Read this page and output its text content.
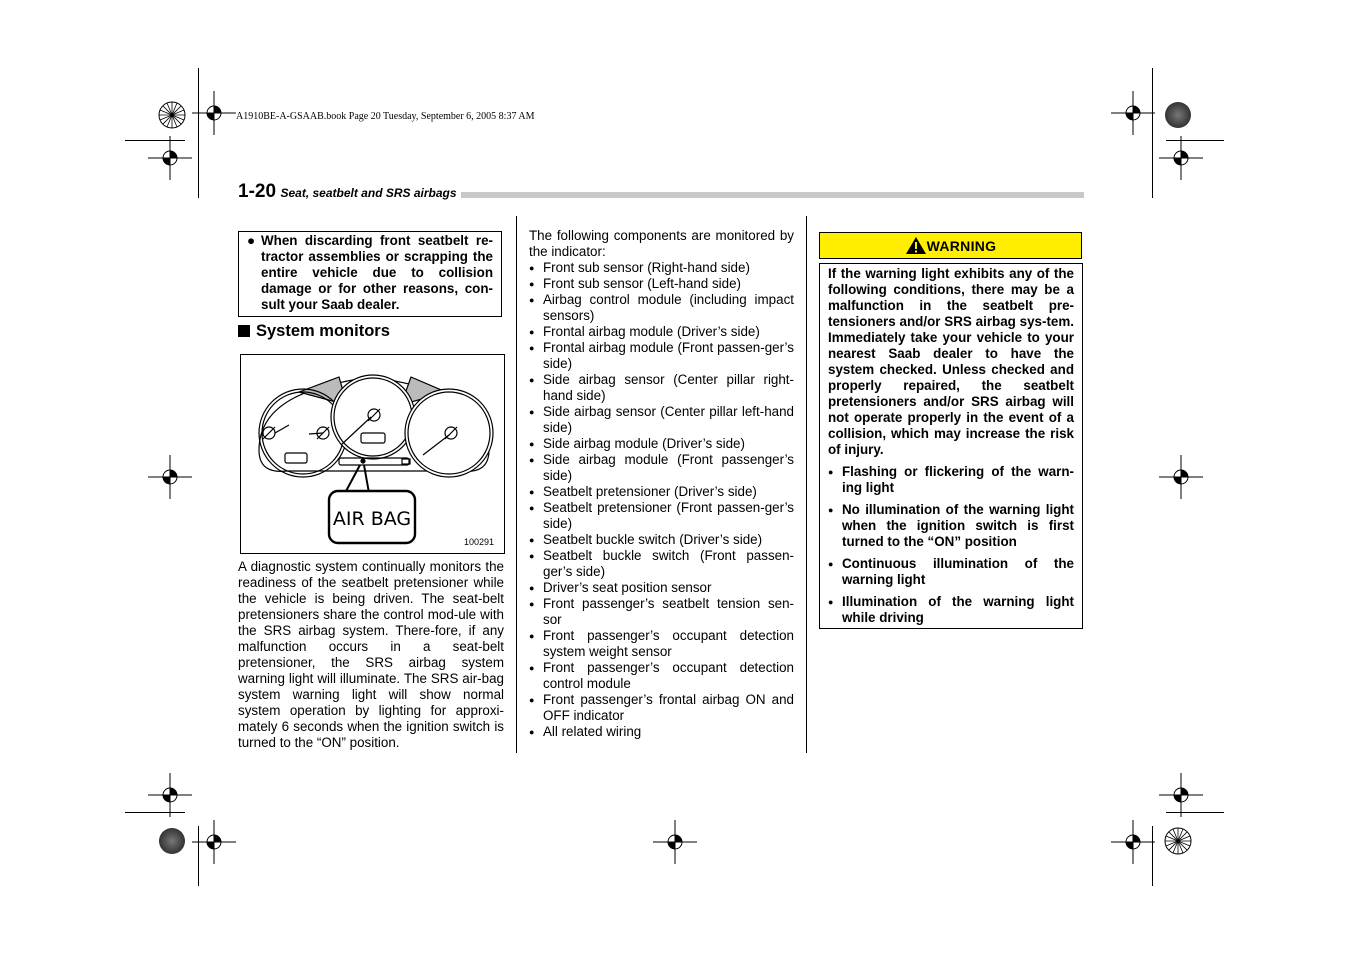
A1910BE-A-GSAAB.book Page 20 Tuesday, September 6, 2005 8:37 AM
1-20 Seat, seatbelt and SRS airbags
● When discarding front seatbelt re-tractor assemblies or scrapping the entire vehicle due to collision damage or for other reasons, con-sult your Saab dealer.
System monitors
AIR BAG
100291
A diagnostic system continually monitors the readiness of the seatbelt pretensioner while the vehicle is being driven. The seat-belt pretensioners share the control mod-ule with the SRS airbag system. There-fore, if any malfunction occurs in a seat-belt pretensioner, the SRS airbag system warning light will illuminate. The SRS air-bag system warning light will show normal system operation by lighting for approxi-mately 6 seconds when the ignition switch is turned to the “ON” position.
The following components are monitored by the indicator:
● Front sub sensor (Right-hand side)
● Front sub sensor (Left-hand side)
● Airbag control module (including impact sensors)
● Frontal airbag module (Driver’s side)
● Frontal airbag module (Front passen-ger’s side)
● Side airbag sensor (Center pillar right-hand side)
● Side airbag sensor (Center pillar left-hand side)
● Side airbag module (Driver’s side)
● Side airbag module (Front passenger’s side)
● Seatbelt pretensioner (Driver’s side)
● Seatbelt pretensioner (Front passen-ger’s side)
● Seatbelt buckle switch (Driver’s side)
● Seatbelt buckle switch (Front passen-ger’s side)
● Driver’s seat position sensor
● Front passenger’s seatbelt tension sen-sor
● Front passenger’s occupant detection system weight sensor
● Front passenger’s occupant detection control module
● Front passenger’s frontal airbag ON and OFF indicator
● All related wiring
WARNING
If the warning light exhibits any of the following conditions, there may be a malfunction in the seatbelt pre-tensioners and/or SRS airbag sys-tem. Immediately take your vehicle to your nearest Saab dealer to have the system checked. Unless checked and properly repaired, the seatbelt pretensioners and/or SRS airbag will not operate properly in the event of a collision, which may increase the risk of injury.
● Flashing or flickering of the warn-ing light
● No illumination of the warning light when the ignition switch is first turned to the “ON” position
● Continuous illumination of the warning light
● Illumination of the warning light while driving
